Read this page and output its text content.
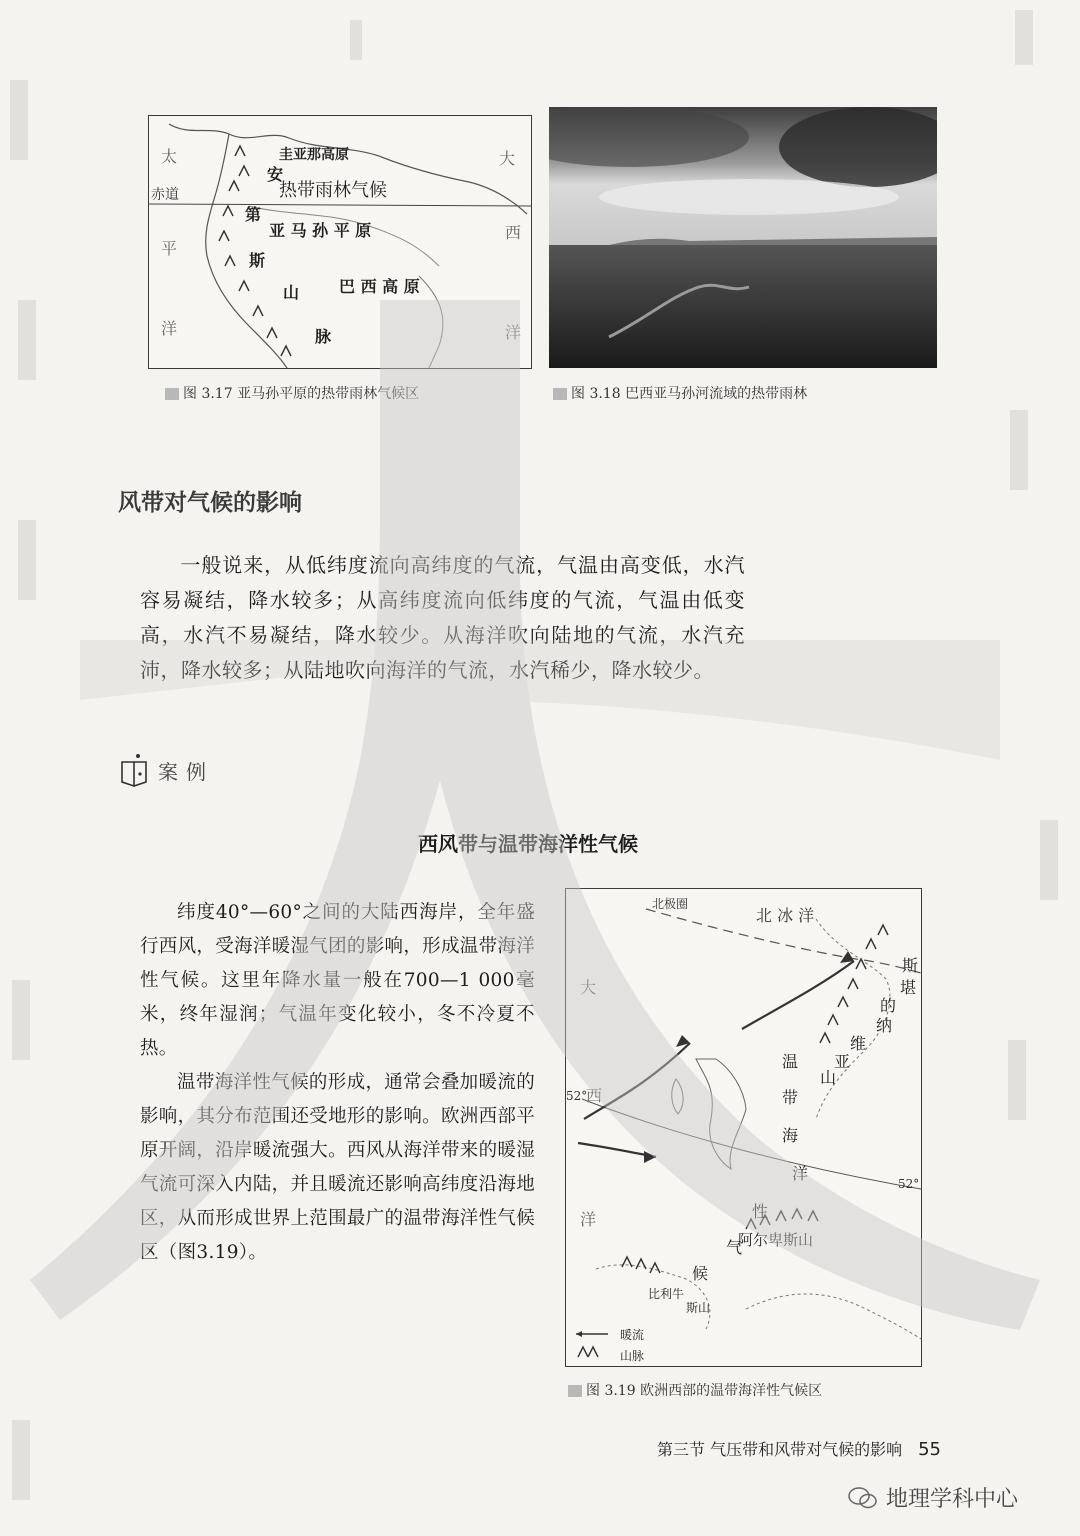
圭亚那高原
热带雨林气候
赤道
亚 马 孙 平 原
巴 西 高 原
安
第
斯
山
脉
太
平
洋
大
西
洋
图 3.17 亚马孙平原的热带雨林气候区	图 3.18 巴西亚马孙河流域的热带雨林
风带对气候的影响
一般说来，从低纬度流向高纬度的气流，气温由高变低，水汽容易凝结，降水较多；从高纬度流向低纬度的气流，气温由低变高，水汽不易凝结，降水较少。从海洋吹向陆地的气流，水汽充沛，降水较多；从陆地吹向海洋的气流，水汽稀少，降水较少。
案例
西风带与温带海洋性气候

纬度40°—60°之间的大陆西海岸，全年盛行西风，受海洋暖湿气团的影响，形成温带海洋性气候。这里年降水量一般在700—1 000毫米，终年湿润；气温年变化较小，冬不冷夏不热。

温带海洋性气候的形成，通常会叠加暖流的影响，其分布范围还受地形的影响。欧洲西部平原开阔，沿岸暖流强大。西风从海洋带来的暖湿气流可深入内陆，并且暖流还影响高纬度沿海地区，从而形成世界上范围最广的温带海洋性气候区（图3.19）。

北极圈
北 冰 洋
大
西
洋
52°
52°
斯
堪
的
纳
维
亚
山
温
带
海
洋
性
气
候
阿尔卑斯山
比利牛
斯山
暖流
山脉
图 3.19 欧洲西部的温带海洋性气候区
第三节 气压带和风带对气候的影响 55
地理学科中心
